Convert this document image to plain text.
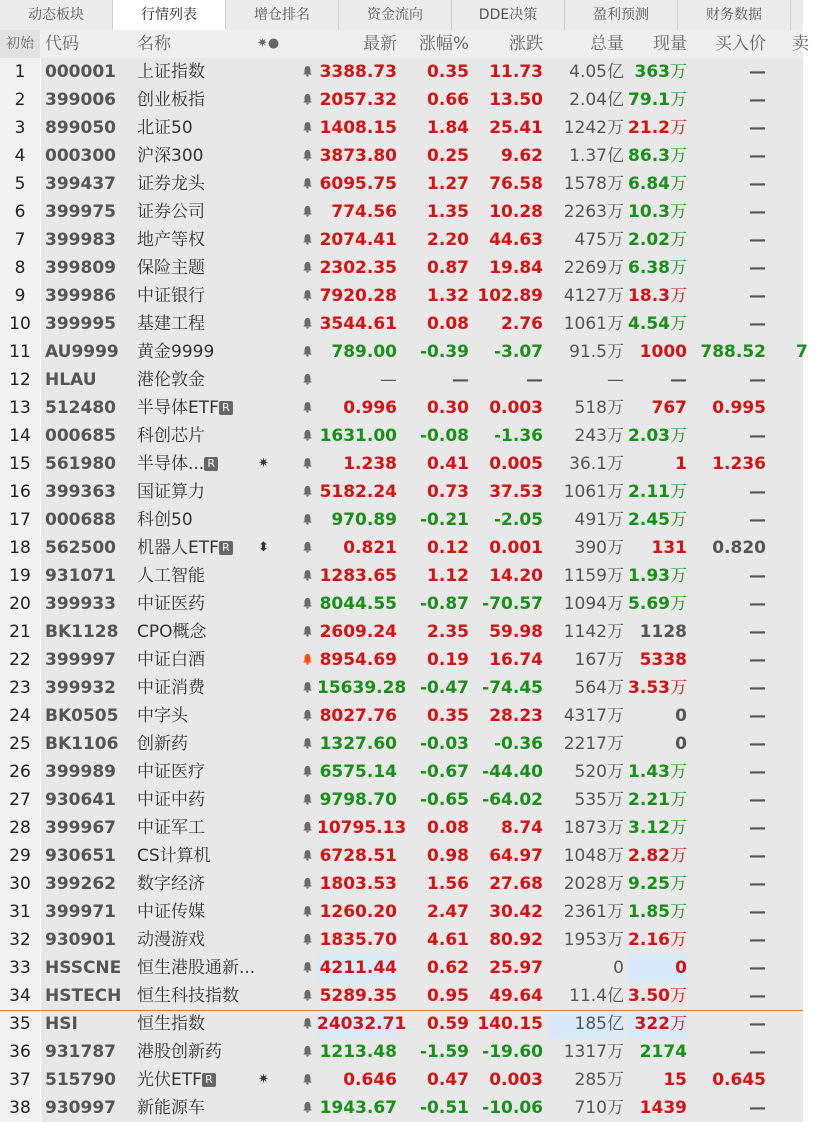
动态板块	行情列表	增仓排名	资金流向	DDE决策	盈利预测	财务数据
初始 代码	名称	✷●	最新	涨幅%	涨跌	总量	现量	买入价 卖
1	000001	上证指数	3388.73	0.35	11.73	4.05亿 363万	—
2	399006	创业板指	2057.32	0.66	13.50	2.04亿 79.1万	—
3	899050	北证50	1408.15	1.84	25.41	1242万 21.2万	—
4	000300	沪深300	3873.80	0.25	9.62	1.37亿 86.3万	—
5	399437	证券龙头	6095.75	1.27	76.58	1578万 6.84万	—
6	399975	证券公司	774.56	1.35	10.28	2263万 10.3万	—
7	399983	地产等权	2074.41	2.20	44.63	475万 2.02万	—
8	399809	保险主题	2302.35	0.87	19.84	2269万 6.38万	—
9	399986	中证银行	7920.28	1.32 102.89	4127万 18.3万	—
10 399995	基建工程	3544.61	0.08	2.76	1061万 4.54万	—
11 AU9999	黄金9999	789.00	-0.39	-3.07	91.5万 1000 788.52 7
12 HLAU	港伦敦金	—	—	—	—	—	—
13 512480	半导体ETF R	0.996	0.30	0.003	518万	767	0.995
14 000685	科创芯片	1631.00	-0.08	-1.36	243万 2.03万	—
15 561980	半导体... R	✷	1.238	0.41	0.005	36.1万	1	1.236
16 399363	国证算力	5182.24	0.73	37.53	1061万 2.11万	—
17 000688	科创50	970.89	-0.21	-2.05	491万 2.45万	—
18 562500	机器人ETF R	⬍	0.821	0.12	0.001	390万	131	0.820
19 931071	人工智能	1283.65	1.12	14.20	1159万 1.93万	—
20 399933	中证医药	8044.55	-0.87 -70.57	1094万 5.69万	—
21 BK1128	CPO概念	2609.24	2.35	59.98	1142万 1128	—
22 399997	中证白酒	8954.69	0.19	16.74	167万 5338	—
23 399932	中证消费	15639.28 -0.47 -74.45	564万 3.53万	—
24 BK0505	中字头	8027.76	0.35	28.23	4317万	0	—
25 BK1106	创新药	1327.60	-0.03	-0.36	2217万	0	—
26 399989	中证医疗	6575.14	-0.67 -44.40	520万 1.43万	—
27 930641	中证中药	9798.70	-0.65 -64.02	535万 2.21万	—
28 399967	中证军工	10795.13	0.08	8.74	1873万 3.12万	—
29 930651	CS计算机	6728.51	0.98	64.97	1048万 2.82万	—
30 399262	数字经济	1803.53	1.56	27.68	2028万 9.25万	—
31 399971	中证传媒	1260.20	2.47	30.42	2361万 1.85万	—
32 930901	动漫游戏	1835.70	4.61	80.92	1953万 2.16万	—
33 HSSCNE 恒生港股通新...	4211.44	0.62	25.97	0	0	—
34 HSTECH 恒生科技指数	5289.35	0.95	49.64	11.4亿 3.50万	—
35 HSI	恒生指数	24032.71	0.59 140.15	185亿 322万	—
36 931787	港股创新药	1213.48	-1.59 -19.60	1317万 2174	—
37 515790	光伏ETF R	✷	0.646	0.47	0.003	285万	15	0.645
38 930997	新能源车	1943.67	-0.51 -10.06	710万 1439	—
